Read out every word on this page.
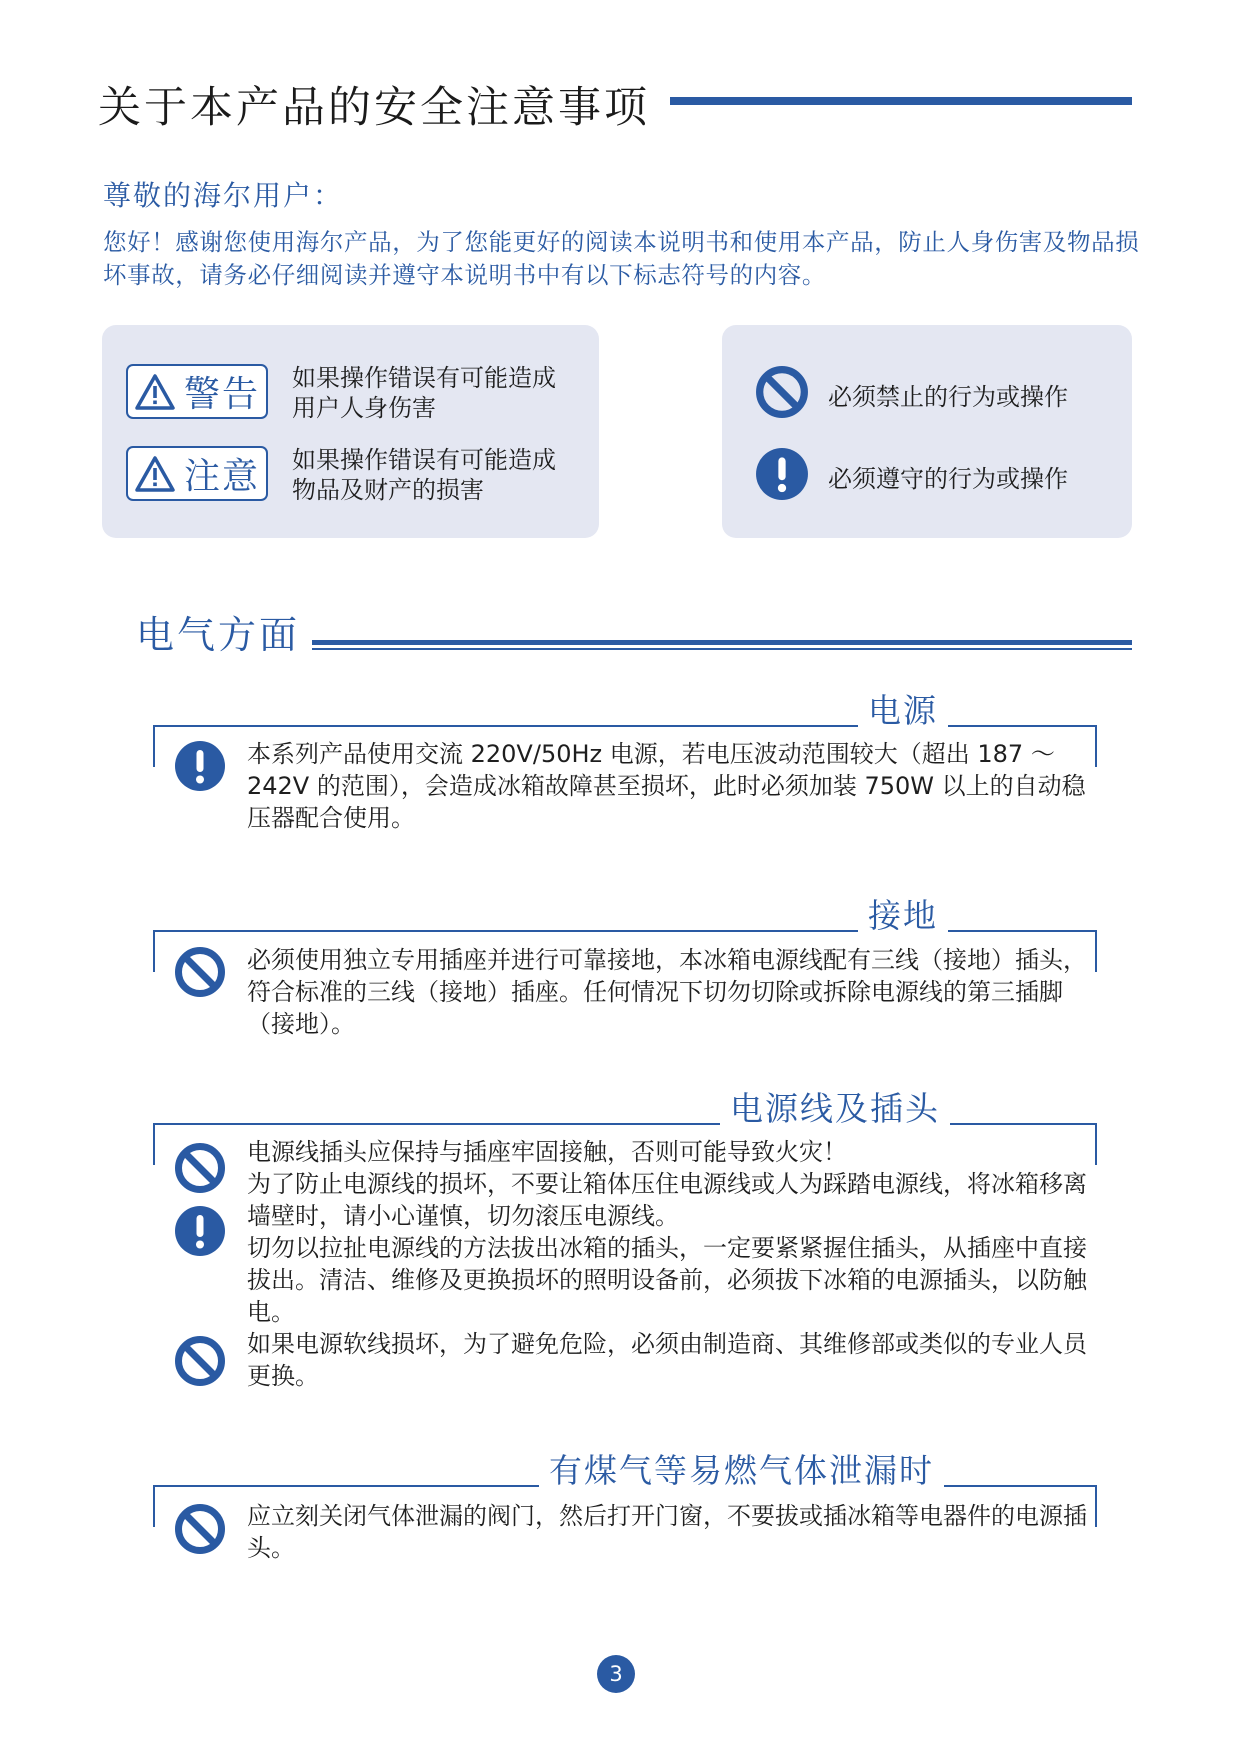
关于本产品的安全注意事项
尊敬的海尔用户：
您好！感谢您使用海尔产品，为了您能更好的阅读本说明书和使用本产品，防止人身伤害及物品损坏事故，请务必仔细阅读并遵守本说明书中有以下标志符号的内容。
警告 如果操作错误有可能造成用户人身伤害
注意 如果操作错误有可能造成物品及财产的损害
必须禁止的行为或操作
必须遵守的行为或操作
电气方面
电源

本系列产品使用交流 220V/50Hz 电源，若电压波动范围较大（超出 187 ～ 242V 的范围），会造成冰箱故障甚至损坏，此时必须加装 750W 以上的自动稳压器配合使用。

接地

必须使用独立专用插座并进行可靠接地，本冰箱电源线配有三线（接地）插头，符合标准的三线（接地）插座。任何情况下切勿切除或拆除电源线的第三插脚（接地）。

电源线及插头

电源线插头应保持与插座牢固接触，否则可能导致火灾！

为了防止电源线的损坏，不要让箱体压住电源线或人为踩踏电源线，将冰箱移离墙壁时，请小心谨慎，切勿滚压电源线。

切勿以拉扯电源线的方法拔出冰箱的插头，一定要紧紧握住插头，从插座中直接拔出。清洁、维修及更换损坏的照明设备前，必须拔下冰箱的电源插头，以防触电。

如果电源软线损坏，为了避免危险，必须由制造商、其维修部或类似的专业人员更换。

有煤气等易燃气体泄漏时

应立刻关闭气体泄漏的阀门，然后打开门窗，不要拔或插冰箱等电器件的电源插头。

3
